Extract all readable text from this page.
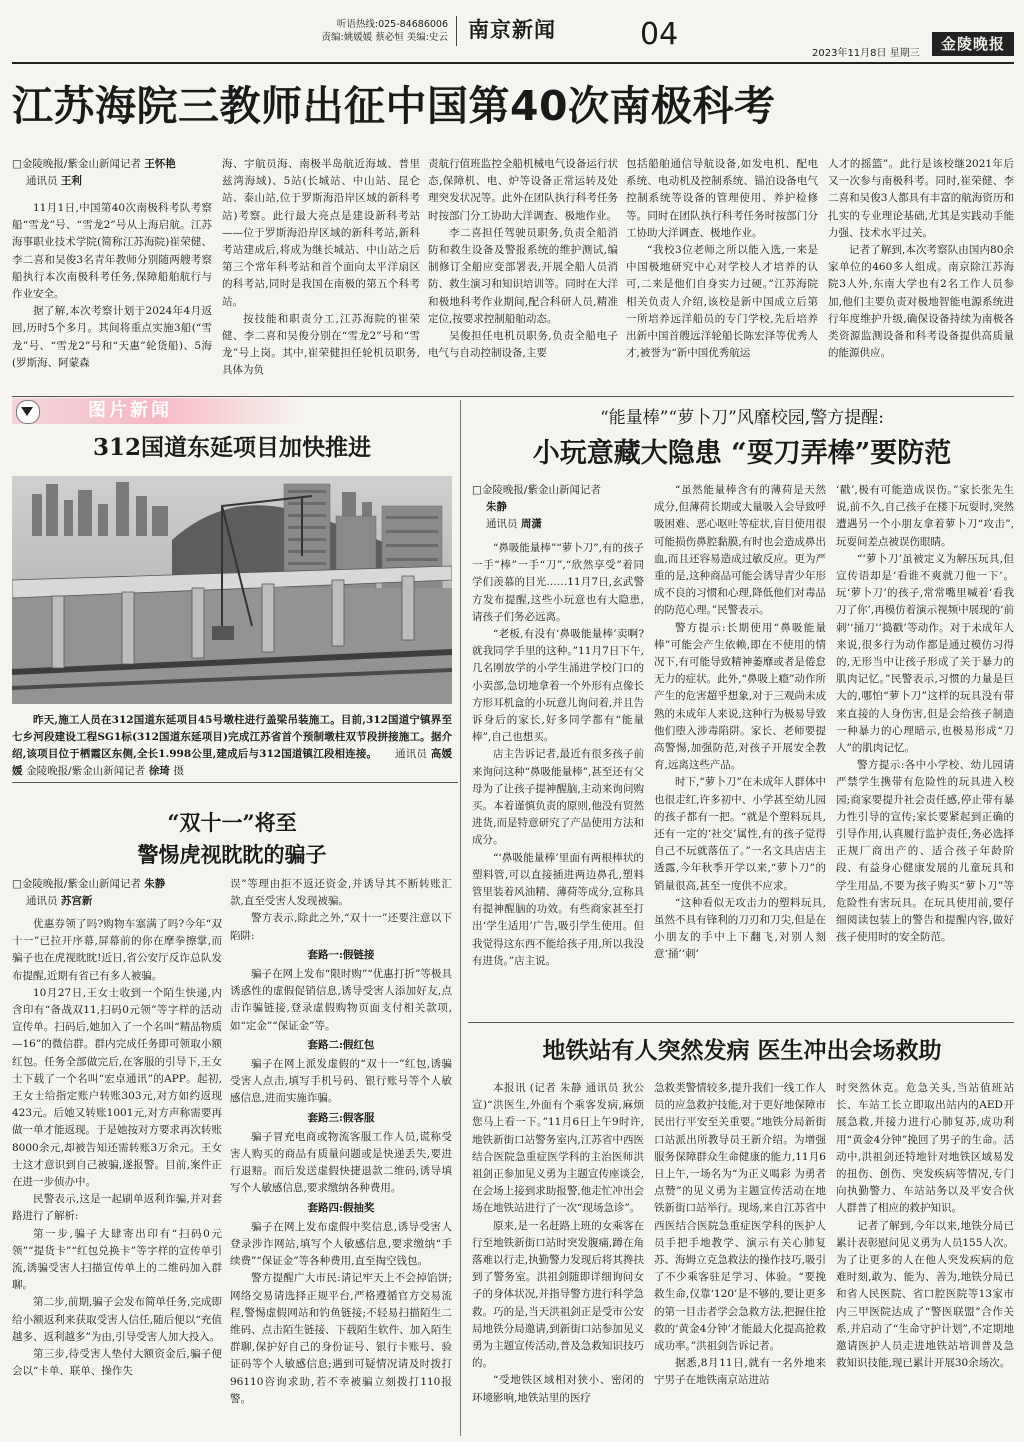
听语热线:025-84686006
责编:姚媛媛 蔡必恒 美编:史云 南京新闻	04
2023年11月8日 星期三
金陵晚报
江苏海院三教师出征中国第40次南极科考
□金陵晚报/紫金山新闻记者 王怀艳
通讯员 王利

11月1日,中国第40次南极科考队考察船“雪龙”号、“雪龙2”号从上海启航。江苏海事职业技术学院(简称江苏海院)崔荣健、李二喜和吴俊3名青年教师分别随两艘考察船执行本次南极科考任务,保障船舶航行与作业安全。

据了解,本次考察计划于2024年4月返回,历时5个多月。其间将重点实施3船(“雪龙”号、“雪龙2”号和“天惠”轮货船)、5海(罗斯海、阿蒙森

海、宇航员海、南极半岛航近海域、普里兹湾海域)、5站(长城站、中山站、昆仑站、泰山站,位于罗斯海沿岸区域的新科考站)考察。此行最大亮点是建设新科考站——位于罗斯海沿岸区域的新科考站,新科考站建成后,将成为继长城站、中山站之后第三个常年科考站和首个面向太平洋扇区的科考站,同时是我国在南极的第五个科考站。

按技能和职责分工,江苏海院的崔荣健、李二喜和吴俊分别在“雪龙2”号和“雪龙”号上岗。其中,崔荣健担任轮机员职务,具体为负

责航行值班监控全船机械电气设备运行状态,保障机、电、炉等设备正常运转及处理突发状况等。此外在团队执行科考任务时按部门分工协助大洋调查、极地作业。

李二喜担任驾驶员职务,负责全船消防和救生设备及警报系统的维护测试,编制修订全船应变部署表,开展全船人员消防、救生演习和知识培训等。同时在大洋和极地科考作业期间,配合科研人员,精准定位,按要求控制船舶动态。

吴俊担任电机员职务,负责全船电子电气与自动控制设备,主要

包括船舶通信导航设备,如发电机、配电系统、电动机及控制系统、锚泊设备电气控制系统等设备的管理使用、养护检修等。同时在团队执行科考任务时按部门分工协助大洋调查、极地作业。

“我校3位老师之所以能入选,一来是中国极地研究中心对学校人才培养的认可,二来是他们自身实力过硬。”江苏海院相关负责人介绍,该校是新中国成立后第一所培养远洋船员的专门学校,先后培养出新中国首艘远洋轮船长陈宏泽等优秀人才,被誉为“新中国优秀航运

人才的摇篮”。此行是该校继2021年后又一次参与南极科考。同时,崔荣健、李二喜和吴俊3人都具有丰富的航海资历和扎实的专业理论基础,尤其是实践动手能力强、技术水平过关。

记者了解到,本次考察队由国内80余家单位的460多人组成。南京除江苏海院3人外,东南大学也有2名工作人员参加,他们主要负责对极地智能电源系统进行年度维护升级,确保设备持续为南极各类资源监测设备和科考设备提供高质量的能源供应。

图片新闻
312国道东延项目加快推进
昨天,施工人员在312国道东延项目45号墩柱进行盖梁吊装施工。目前,312国道宁镇界至七乡河段建设工程SG1标(312国道东延项目)完成江苏省首个预制墩柱双节段拼接施工。据介绍,该项目位于栖霞区东侧,全长1.998公里,建成后与312国道镇江段相连接。 通讯员 高媛媛 金陵晚报/紫金山新闻记者 徐琦 摄
“双十一”将至
警惕虎视眈眈的骗子
□金陵晚报/紫金山新闻记者 朱静
通讯员 苏宫新

优惠券领了吗?购物车塞满了吗?今年“双十一”已拉开序幕,屏幕前的你在摩拳擦掌,而骗子也在虎视眈眈!近日,省公安厅反诈总队发布提醒,近期有省已有多人被骗。

10月27日,王女士收到一个陌生快递,内含印有“备战双11,扫码0元领”等字样的活动宣传单。扫码后,她加入了一个名叫“精品物质—16”的微信群。群内完成任务即可领取小额红包。任务全部做完后,在客服的引导下,王女士下载了一个名叫“宏卓通讯”的APP。起初,王女士给指定账户转账303元,对方如约返现423元。后她又转账1001元,对方声称需要再做一单才能返现。于是她按对方要求再次转账8000余元,却被告知还需转账3万余元。王女士这才意识到自己被骗,遂报警。目前,案件正在进一步侦办中。

民警表示,这是一起刷单返利诈骗,并对套路进行了解析:

第一步,骗子大肆寄出印有“扫码0元领”“提货卡”“红包兑换卡”等字样的宣传单引流,诱骗受害人扫描宣传单上的二维码加入群聊。

第二步,前期,骗子会发布简单任务,完成即给小额返利来获取受害人信任,随后便以“充值越多、返利越多”为由,引导受害人加大投入。

第三步,待受害人垫付大额资金后,骗子便会以“卡单、联单、操作失

误”等理由拒不返还资金,并诱导其不断转账汇款,直至受害人发现被骗。

警方表示,除此之外,“双十一”还要注意以下陷阱:

套路一:假链接

骗子在网上发布“限时购”“优惠打折”等极具诱惑性的虚假促销信息,诱导受害人添加好友,点击诈骗链接,登录虚假购物页面支付相关款项,如“定金”“保证金”等。

套路二:假红包

骗子在网上派发虚假的“双十一”红包,诱骗受害人点击,填写手机号码、银行账号等个人敏感信息,进而实施诈骗。

套路三:假客服

骗子冒充电商或物流客服工作人员,谎称受害人购买的商品有质量问题或是快递丢失,要进行退赔。而后发送虚假快捷退款二维码,诱导填写个人敏感信息,要求缴纳各种费用。

套路四:假抽奖

骗子在网上发布虚假中奖信息,诱导受害人登录涉诈网站,填写个人敏感信息,要求缴纳“手续费”“保证金”等各种费用,直至掏空钱包。

警方提醒广大市民:请记牢天上不会掉馅饼;网络交易请选择正规平台,严格遵循官方交易流程,警惕虚假网站和钓鱼链接;不轻易扫描陌生二维码、点击陌生链接、下载陌生软件、加入陌生群聊,保护好自己的身份证号、银行卡账号、验证码等个人敏感信息;遇到可疑情况请及时拨打96110咨询求助,若不幸被骗立刻拨打110报警。

“能量棒”“萝卜刀”风靡校园,警方提醒:
小玩意藏大隐患 “耍刀弄棒”要防范
□金陵晚报/紫金山新闻记者
朱静
通讯员 周潇

“鼻吸能量棒”“萝卜刀”,有的孩子一手“棒”一手“刀”,“欣然享受”着同学们羡慕的目光……11月7日,玄武警方发布提醒,这些小玩意也有大隐患,请孩子们务必远离。

“老板,有没有‘鼻吸能量棒’卖啊?就我同学手里的这种。”11月7日下午,几名刚放学的小学生涌进学校门口的小卖部,急切地拿着一个外形有点像长方形耳机盒的小玩意儿询问着,并且告诉身后的家长,好多同学都有“能量棒”,自己也想买。

店主告诉记者,最近有很多孩子前来询问这种“鼻吸能量棒”,甚至还有父母为了让孩子提神醒脑,主动来询问购买。本着谨慎负责的原则,他没有贸然进货,而是特意研究了产品使用方法和成分。

“‘鼻吸能量棒’里面有两根棒状的塑料管,可以直接插进两边鼻孔,塑料管里装着风油精、薄荷等成分,宣称具有提神醒脑的功效。有些商家甚至打出‘学生适用’广告,吸引学生使用。但我觉得这东西不能给孩子用,所以我没有进货。”店主说。

“虽然能量棒含有的薄荷是天然成分,但薄荷长期或大量吸入会导致呼吸困难、恶心呕吐等症状,盲目使用很可能损伤鼻腔黏膜,有时也会造成鼻出血,而且还容易造成过敏反应。更为严重的是,这种商品可能会诱导青少年形成不良的习惯和心理,降低他们对毒品的防范心理。”民警表示。

警方提示:长期使用“鼻吸能量棒”可能会产生依赖,即在不使用的情况下,有可能导致精神萎靡或者是倦怠无力的症状。此外,“鼻吸上瘾”动作所产生的危害超乎想象,对于三观尚未成熟的未成年人来说,这种行为极易导致他们堕入涉毒陷阱。家长、老师要提高警惕,加强防范,对孩子开展安全教育,远离这些产品。

时下,“萝卜刀”在未成年人群体中也很走红,许多初中、小学甚至幼儿园的孩子都有一把。“就是个塑料玩具,还有一定的‘社交’属性,有的孩子觉得自己不玩就落伍了。”一名文具店店主透露,今年秋季开学以来,“萝卜刀”的销量很高,甚至一度供不应求。

“这种看似无攻击力的塑料玩具,虽然不具有锋利的刀刃和刀尖,但是在小朋友的手中上下翻飞,对别人刻意‘捅’‘刺’

‘戳’,极有可能造成误伤。”家长张先生说,前不久,自己孩子在楼下玩耍时,突然遭遇另一个小朋友拿着萝卜刀“攻击”,玩耍间差点被误伤眼睛。

“‘萝卜刀’虽被定义为解压玩具,但宣传语却是‘看谁不爽就刀他一下’。玩‘萝卜刀’的孩子,常常嘴里喊着‘看我刀了你’,再模仿着演示视频中展现的‘前刺’‘捅刀’‘捣戳’等动作。对于未成年人来说,很多行为动作都是通过模仿习得的,无形当中让孩子形成了关于暴力的肌肉记忆。”民警表示,习惯的力量是巨大的,哪怕“萝卜刀”这样的玩具没有带来直接的人身伤害,但是会给孩子制造一种暴力的心理暗示,也极易形成“刀人”的肌肉记忆。

警方提示:各中小学校、幼儿园请严禁学生携带有危险性的玩具进入校园;商家要提升社会责任感,停止带有暴力性引导的宣传;家长要紧起到正确的引导作用,认真履行监护责任,务必选择正规厂商出产的、适合孩子年龄阶段、有益身心健康发展的儿童玩具和学生用品,不要为孩子购买“萝卜刀”等危险性有害玩具。在玩具使用前,要仔细阅读包装上的警告和提醒内容,做好孩子使用时的安全防范。

地铁站有人突然发病 医生冲出会场救助

本报讯 (记者 朱静 通讯员 狄公宣)“洪医生,外面有个乘客发病,麻烦您马上看一下。”11月6日上午9时许,地铁新街口站警务室内,江苏省中西医结合医院急重症医学科的主治医师洪祖剑正参加见义勇为主题宣传座谈会,在会场上接到求助报警,他走忙冲出会场在地铁站进行了一次“现场急诊”。

原来,是一名赶路上班的女乘客在行至地铁新街口站时突发腹痛,蹲在角落难以行走,执勤警力发现后将其搀扶到了警务室。洪祖剑随即详细询问女子的身体状况,并指导警方进行科学急救。巧的是,当天洪祖剑正是受市公安局地铁分局邀请,到新街口站参加见义勇为主题宣传活动,普及急救知识技巧的。

“受地铁区域相对狭小、密闭的环境影响,地铁站里的医疗

急救类警情较多,提升我们一线工作人员的应急救护技能,对于更好地保障市民出行平安至关重要。”地铁分局新街口站派出所教导员王新介绍。为增强服务保障群众生命健康的能力,11月6日上午,一场名为“为正义喝彩 为勇者点赞”的见义勇为主题宣传活动在地铁新街口站举行。现场,来自江苏省中西医结合医院急重症医学科的医护人员手把手地教学、演示有关心肺复苏、海姆立克急救法的操作技巧,吸引了不少乘客驻足学习、体验。“要挽救生命,仅靠‘120’是不够的,要让更多的第一目击者学会急救方法,把握住抢救的‘黄金4分钟’才能最大化提高抢救成功率。”洪祖剑告诉记者。

据悉,8月11日,就有一名外地来宁男子在地铁南京站进站

时突然休克。危急关头,当站值班站长、车站工长立即取出站内的AED开展急救,并接力进行心肺复苏,成功利用“黄金4分钟”挽回了男子的生命。活动中,洪祖剑还特地针对地铁区域易发的扭伤、创伤、突发疾病等情况,专门向执勤警力、车站站务以及平安合伙人群普了相应的救护知识。

记者了解到,今年以来,地铁分局已累计表彰慰问见义勇为人员155人次。为了让更多的人在他人突发疾病的危难时刻,敢为、能为、善为,地铁分局已和省人民医院、省口腔医院等13家市内三甲医院达成了“警医联盟”合作关系,并启动了“生命守护计划”,不定期地邀请医护人员走进地铁站培训普及急救知识技能,现已累计开展30余场次。
